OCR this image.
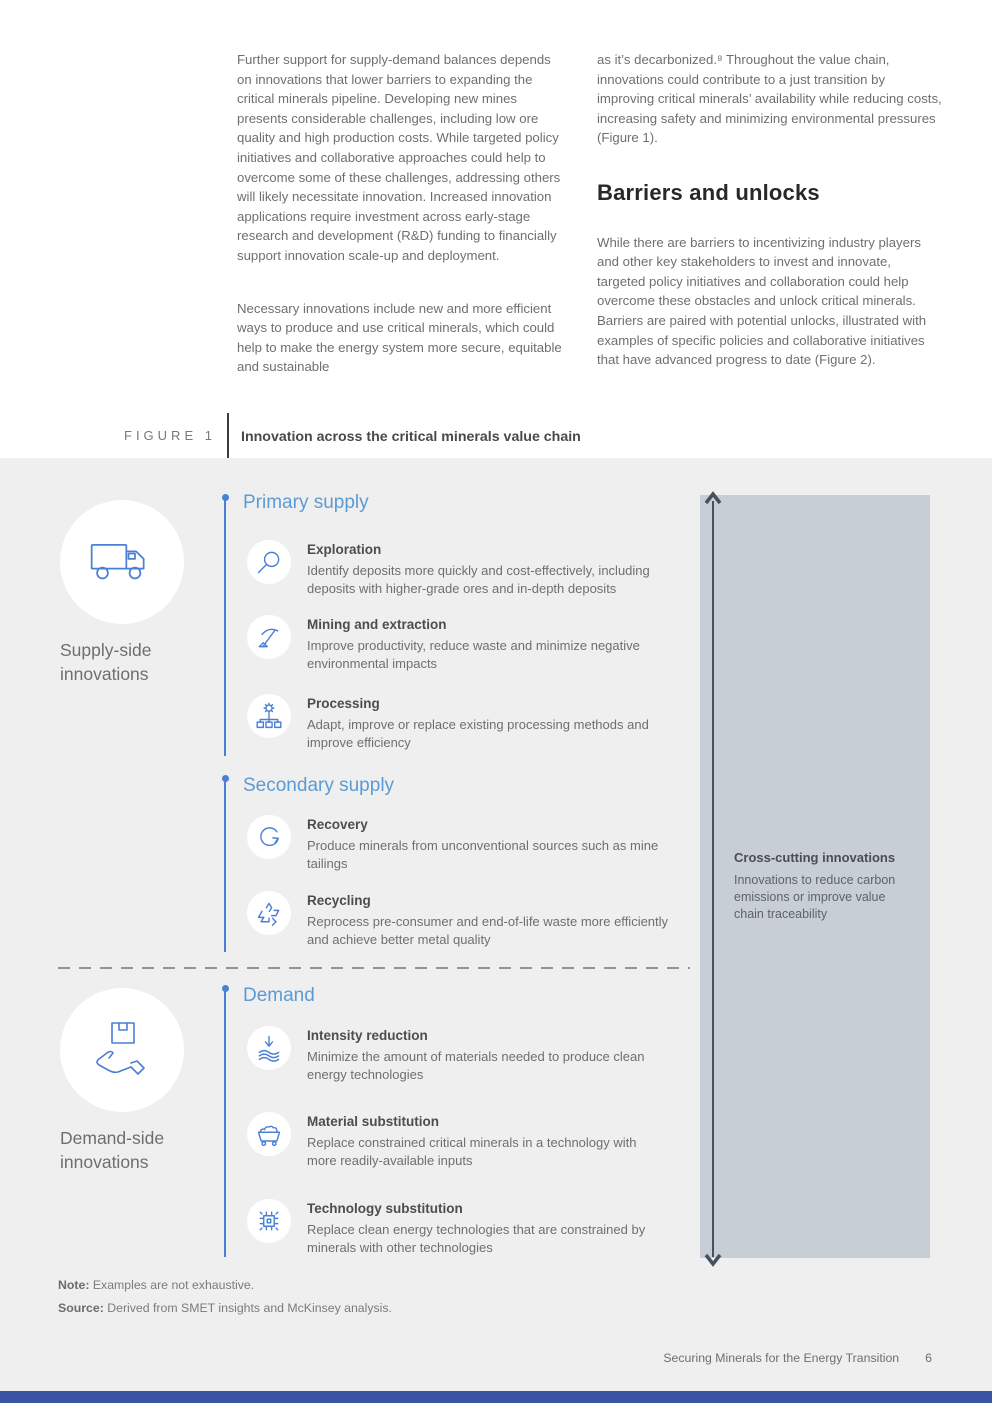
Further support for supply-demand balances depends on innovations that lower barriers to expanding the critical minerals pipeline. Developing new mines presents considerable challenges, including low ore quality and high production costs. While targeted policy initiatives and collaborative approaches could help to overcome some of these challenges, addressing others will likely necessitate innovation. Increased innovation applications require investment across early-stage research and development (R&D) funding to financially support innovation scale-up and deployment.

Necessary innovations include new and more efficient ways to produce and use critical minerals, which could help to make the energy system more secure, equitable and sustainable

as it’s decarbonized.⁸ Throughout the value chain, innovations could contribute to a just transition by improving critical minerals’ availability while reducing costs, increasing safety and minimizing environmental pressures (Figure 1).

Barriers and unlocks

While there are barriers to incentivizing industry players and other key stakeholders to invest and innovate, targeted policy initiatives and collaboration could help overcome these obstacles and unlock critical minerals. Barriers are paired with potential unlocks, illustrated with examples of specific policies and collaborative initiatives that have advanced progress to date (Figure 2).

FIGURE 1 Innovation across the critical minerals value chain
Supply-side innovations
Demand-side innovations
Primary supply
Exploration
Identify deposits more quickly and cost-effectively, including deposits with higher-grade ores and in-depth deposits
Mining and extraction
Improve productivity, reduce waste and minimize negative environmental impacts
Processing
Adapt, improve or replace existing processing methods and improve efficiency
Secondary supply
Recovery
Produce minerals from unconventional sources such as mine tailings
Recycling
Reprocess pre-consumer and end-of-life waste more efficiently and achieve better metal quality
Demand
Intensity reduction
Minimize the amount of materials needed to produce clean energy technologies
Material substitution
Replace constrained critical minerals in a technology with more readily-available inputs
Technology substitution
Replace clean energy technologies that are constrained by minerals with other technologies
Cross-cutting innovations
Innovations to reduce carbon emissions or improve value chain traceability
Note: Examples are not exhaustive.
Source: Derived from SMET insights and McKinsey analysis.
Securing Minerals for the Energy Transition 6
